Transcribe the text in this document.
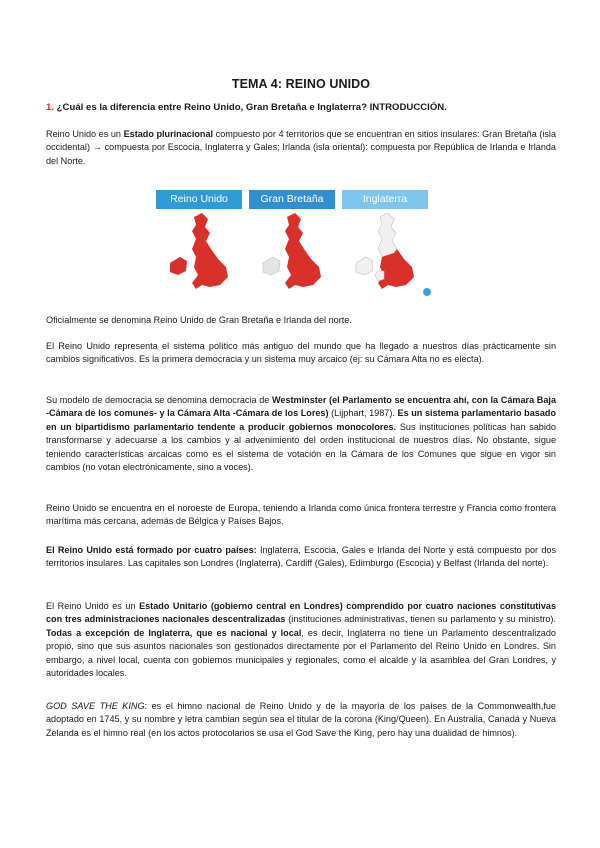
TEMA 4: REINO UNIDO
1. ¿Cuál es la diferencia entre Reino Unido, Gran Bretaña e Inglaterra? INTRODUCCIÓN.

Reino Unido es un Estado plurinacional compuesto por 4 territorios que se encuentran en sitios insulares: Gran Bretaña (isla occidental) → compuesta por Escocia, Inglaterra y Gales; Irlanda (isla oriental): compuesta por República de Irlanda e Irlanda del Norte.

Reino Unido	Gran Bretaña	Inglaterra

Oficialmente se denomina Reino Unido de Gran Bretaña e Irlanda del norte.

El Reino Unido representa el sistema político más antiguo del mundo que ha llegado a nuestros días prácticamente sin cambios significativos. Es la primera democracia y un sistema muy arcaico (ej: su Cámara Alta no es electa).

Su modelo de democracia se denomina democracia de Westminster (el Parlamento se encuentra ahí, con la Cámara Baja -Cámara de los comunes- y la Cámara Alta -Cámara de los Lores) (Lijphart, 1987). Es un sistema parlamentario basado en un bipartidismo parlamentario tendente a producir gobiernos monocolores. Sus instituciones políticas han sabido transformarse y adecuarse a los cambios y al advenimiento del orden institucional de nuestros días. No obstante, sigue teniendo características arcaicas como es el sistema de votación en la Cámara de los Comunes que sigue en vigor sin cambios (no votan electrónicamente, sino a voces).

Reino Unido se encuentra en el noroeste de Europa, teniendo a Irlanda como única frontera terrestre y Francia como frontera marítima más cercana, además de Bélgica y Países Bajos.

El Reino Unido está formado por cuatro países: Inglaterra, Escocia, Gales e Irlanda del Norte y está compuesto por dos territorios insulares. Las capitales son Londres (Inglaterra), Cardiff (Gales), Edimburgo (Escocia) y Belfast (Irlanda del norte).

El Reino Unido es un Estado Unitario (gobierno central en Londres) comprendido por cuatro naciones constitutivas con tres administraciones nacionales descentralizadas (instituciones administrativas, tienen su parlamento y su ministro). Todas a excepción de Inglaterra, que es nacional y local, es decir, Inglaterra no tiene un Parlamento descentralizado propio, sino que sus asuntos nacionales son gestionados directamente por el Parlamento del Reino Unido en Londres. Sin embargo, a nivel local, cuenta con gobiernos municipales y regionales, como el alcalde y la asamblea del Gran Londres, y autoridades locales.

GOD SAVE THE KING: es el himno nacional de Reino Unido y de la mayoría de los países de la Commonwealth,fue adoptado en 1745, y su nombre y letra cambian según sea el titular de la corona (King/Queen). En Australia, Canadá y Nueva Zelanda es el himno real (en los actos protocolarios se usa el God Save the King, pero hay una dualidad de himnos).
